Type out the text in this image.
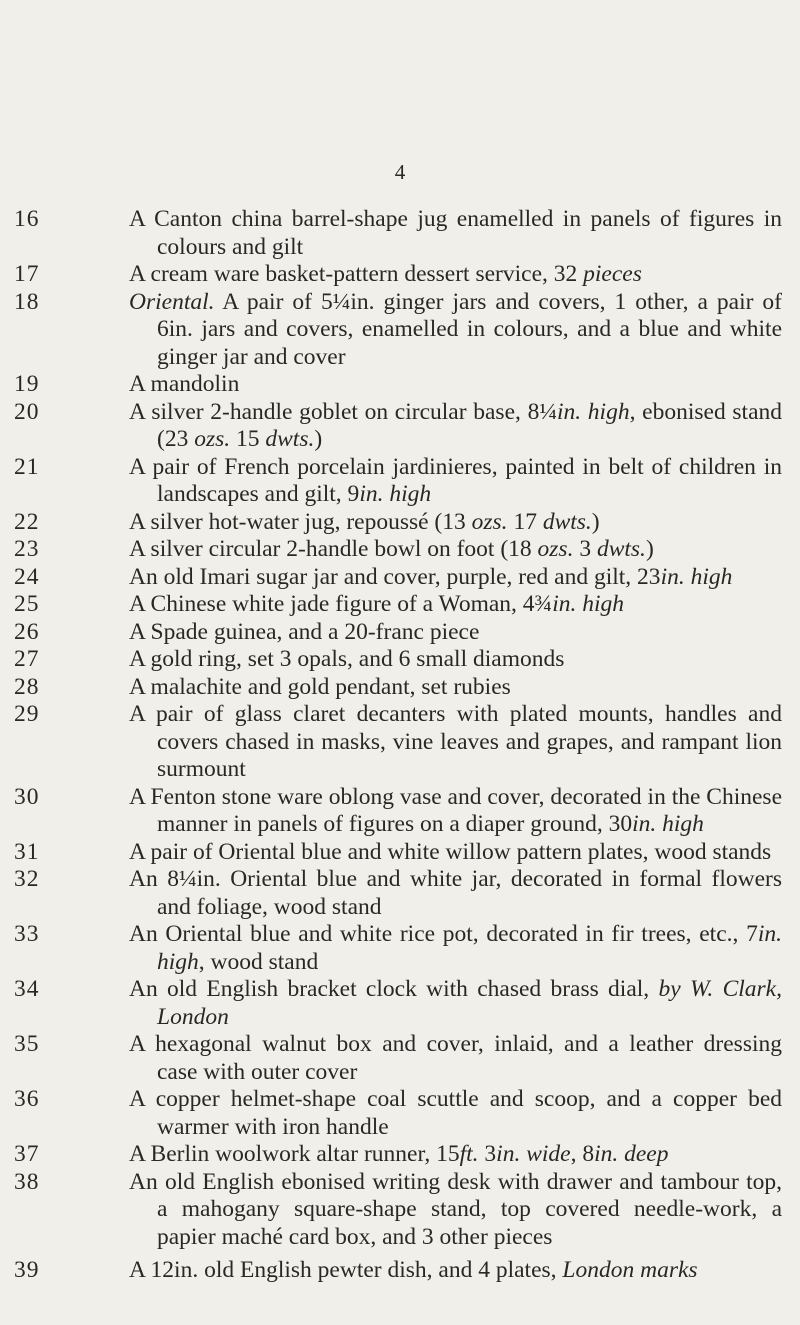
4
16	A Canton china barrel-shape jug enamelled in panels of figures in colours and gilt
17	A cream ware basket-pattern dessert service, 32 pieces
18	Oriental. A pair of 5¼in. ginger jars and covers, 1 other, a pair of 6in. jars and covers, enamelled in colours, and a blue and white ginger jar and cover
19	A mandolin
20	A silver 2-handle goblet on circular base, 8¼in. high, ebonised stand (23 ozs. 15 dwts.)
21	A pair of French porcelain jardinieres, painted in belt of children in landscapes and gilt, 9in. high
22	A silver hot-water jug, repoussé (13 ozs. 17 dwts.)
23	A silver circular 2-handle bowl on foot (18 ozs. 3 dwts.)
24	An old Imari sugar jar and cover, purple, red and gilt, 23in. high
25	A Chinese white jade figure of a Woman, 4¾in. high
26	A Spade guinea, and a 20-franc piece
27	A gold ring, set 3 opals, and 6 small diamonds
28	A malachite and gold pendant, set rubies
29	A pair of glass claret decanters with plated mounts, handles and covers chased in masks, vine leaves and grapes, and rampant lion surmount
30	A Fenton stone ware oblong vase and cover, decorated in the Chinese manner in panels of figures on a diaper ground, 30in. high
31	A pair of Oriental blue and white willow pattern plates, wood stands
32	An 8¼in. Oriental blue and white jar, decorated in formal flowers and foliage, wood stand
33	An Oriental blue and white rice pot, decorated in fir trees, etc., 7in. high, wood stand
34	An old English bracket clock with chased brass dial, by W. Clark, London
35	A hexagonal walnut box and cover, inlaid, and a leather dressing case with outer cover
36	A copper helmet-shape coal scuttle and scoop, and a copper bed warmer with iron handle
37	A Berlin woolwork altar runner, 15ft. 3in. wide, 8in. deep
38	An old English ebonised writing desk with drawer and tambour top, a mahogany square-shape stand, top covered needle-work, a papier maché card box, and 3 other pieces
39	A 12in. old English pewter dish, and 4 plates, London marks
